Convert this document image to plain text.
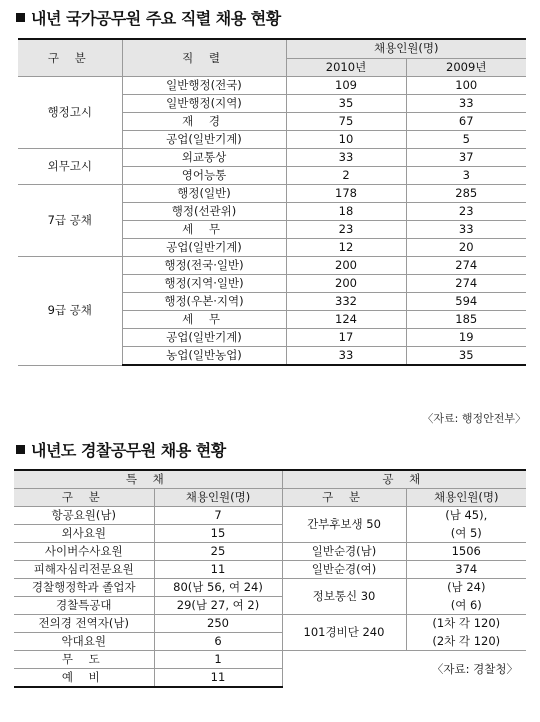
내년 국가공무원 주요 직렬 채용 현황
구 분	직 렬	채용인원(명)	
		2010년	2009년
행정고시	일반행정(전국)	109	100
	일반행정(지역)	35	33
	재 경	75	67
	공업(일반기계)	10	5
외무고시	외교통상	33	37
	영어능통	2	3
7급 공채	행정(일반)	178	285
	행정(선관위)	18	23
	세 무	23	33
	공업(일반기계)	12	20
9급 공채	행정(전국·일반)	200	274
	행정(지역·일반)	200	274
	행정(우본·지역)	332	594
	세 무	124	185
	공업(일반기계)	17	19
	농업(일반농업)	33	35
〈자료: 행정안전부〉
내년도 경찰공무원 채용 현황
특 채		공 채	
구 분	채용인원(명)	구 분	채용인원(명)
항공요원(남)	7	간부후보생 50	(남 45),
외사요원	15		(여 5)
사이버수사요원	25	일반순경(남)	1506
피해자심리전문요원	11	일반순경(여)	374
경찰행정학과 졸업자	80(남 56, 여 24)	정보통신 30	(남 24)
경찰특공대	29(남 27, 여 2)		(여 6)
전의경 전역자(남)	250	101경비단 240	(1차 각 120)
악대요원	6		(2차 각 120)
무 도	1	〈자료: 경찰청〉	
예 비	11		
